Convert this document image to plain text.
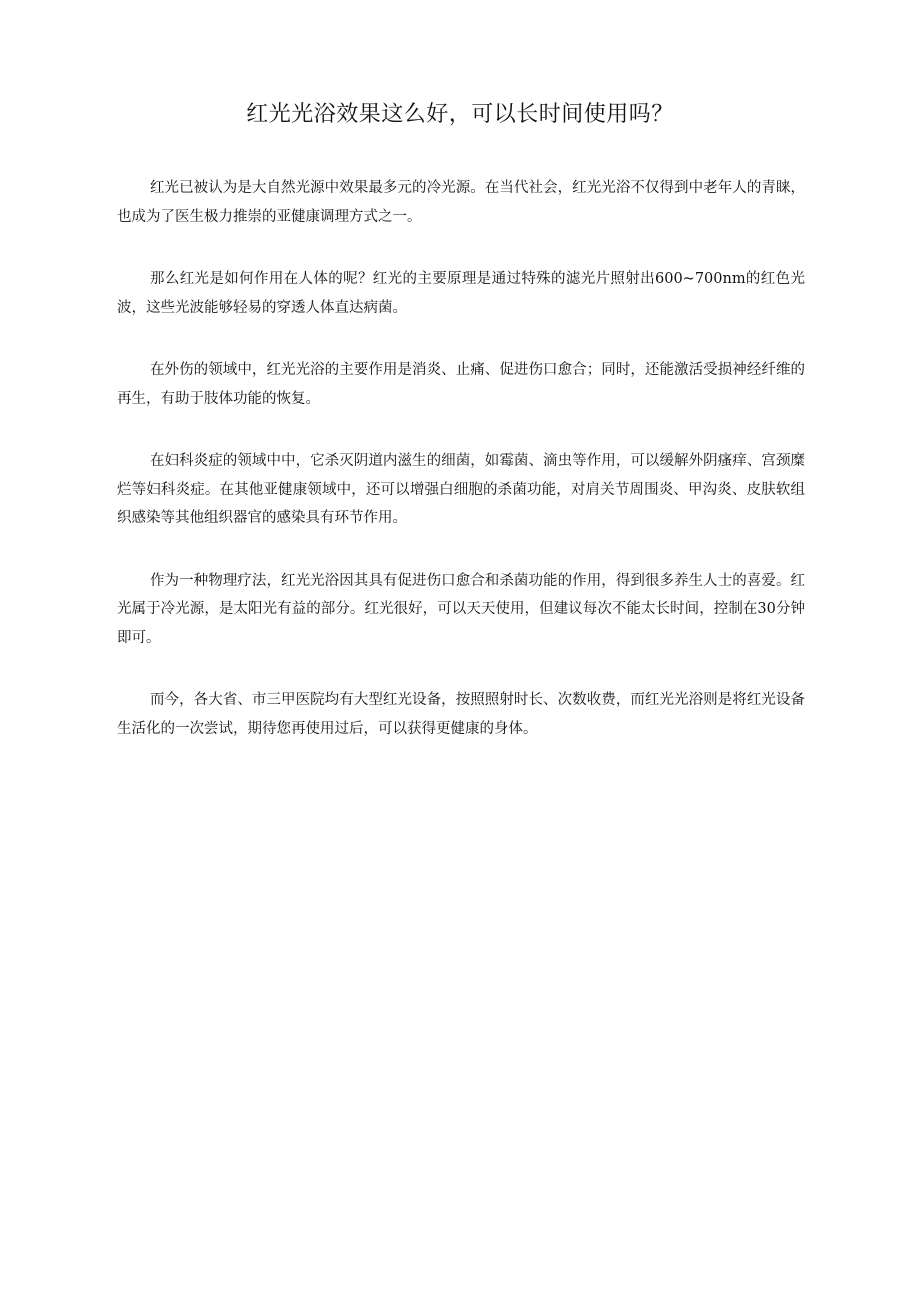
红光光浴效果这么好，可以长时间使用吗？

红光已被认为是大自然光源中效果最多元的冷光源。在当代社会，红光光浴不仅得到中老年人的青睐，也成为了医生极力推崇的亚健康调理方式之一。

那么红光是如何作用在人体的呢？红光的主要原理是通过特殊的滤光片照射出600~700nm的红色光波，这些光波能够轻易的穿透人体直达病菌。

在外伤的领域中，红光光浴的主要作用是消炎、止痛、促进伤口愈合；同时，还能激活受损神经纤维的再生，有助于肢体功能的恢复。

在妇科炎症的领域中中，它杀灭阴道内滋生的细菌，如霉菌、滴虫等作用，可以缓解外阴瘙痒、宫颈糜烂等妇科炎症。在其他亚健康领域中，还可以增强白细胞的杀菌功能，对肩关节周围炎、甲沟炎、皮肤软组织感染等其他组织器官的感染具有环节作用。

作为一种物理疗法，红光光浴因其具有促进伤口愈合和杀菌功能的作用，得到很多养生人士的喜爱。红光属于冷光源，是太阳光有益的部分。红光很好，可以天天使用，但建议每次不能太长时间，控制在30分钟即可。

而今，各大省、市三甲医院均有大型红光设备，按照照射时长、次数收费，而红光光浴则是将红光设备生活化的一次尝试，期待您再使用过后，可以获得更健康的身体。
